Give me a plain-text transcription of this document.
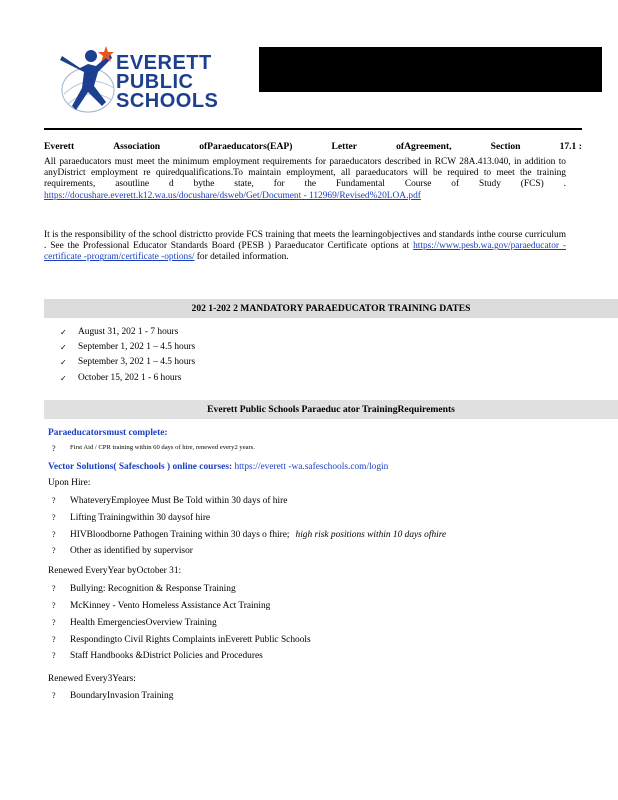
EVERETT
PUBLIC
SCHOOLS
Everett	Association	ofParaeducators(EAP)	Letter	ofAgreement,	Section	17.1 :
All paraeducators must meet the minimum employment requirements for paraeducators described in RCW 28A.413.040, in addition to anyDistrict employment re quiredqualifications.To maintain employment, all paraeducators will be required to meet the training requirements, asoutline d bythe state, for the Fundamental Course of Study (FCS) . https://docushare.everett.k12.wa.us/docushare/dsweb/Get/Document - 112969/Revised%20LOA.pdf
It is the responsibility of the school districtto provide FCS training that meets the learningobjectives and standards inthe course curriculum . See the Professional Educator Standards Board (PESB ) Paraeducator Certificate options at https://www.pesb.wa.gov/paraeducator -certificate -program/certificate -options/ for detailed information.
202 1-202 2 MANDATORY PARAEDUCATOR TRAINING DATES
✓	August 31, 202 1 - 7 hours
✓	September 1, 202 1 – 4.5 hours
✓	September 3, 202 1 – 4.5 hours
✓	October 15, 202 1 - 6 hours
Everett Public Schools Paraeduc ator TrainingRequirements
Paraeducatorsmust complete:
?	First Aid / CPR training within 60 days of hire, renewed every2 years.
Vector Solutions( Safeschools ) online courses: https://everett -wa.safeschools.com/login
Upon Hire:
?	WhateveryEmployee Must Be Told within 30 days of hire
?	Lifting Trainingwithin 30 daysof hire
?	HIVBloodborne Pathogen Training within 30 days o fhire; high risk positions within 10 days ofhire
?	Other as identified by supervisor
Renewed EveryYear byOctober 31:
?	Bullying: Recognition & Response Training
?	McKinney - Vento Homeless Assistance Act Training
?	Health EmergenciesOverview Training
?	Respondingto Civil Rights Complaints inEverett Public Schools
?	Staff Handbooks &District Policies and Procedures
Renewed Every3Years:
?	BoundaryInvasion Training
